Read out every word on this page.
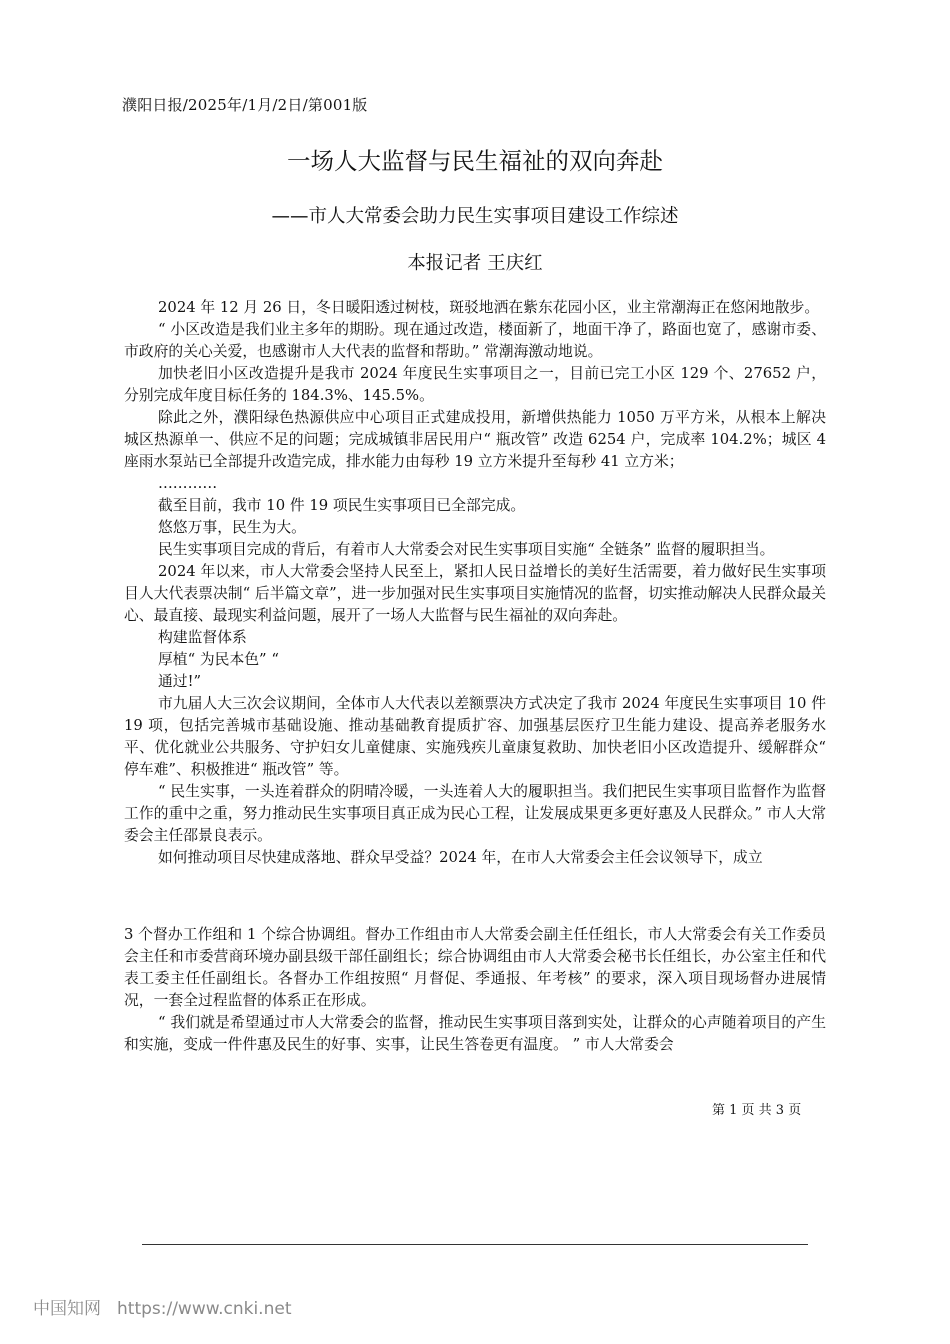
濮阳日报/2025年/1月/2日/第001版
一场人大监督与民生福祉的双向奔赴
——市人大常委会助力民生实事项目建设工作综述
本报记者 王庆红

2024 年 12 月 26 日，冬日暖阳透过树枝，斑驳地洒在紫东花园小区，业主常潮海正在悠闲地散步。

“ 小区改造是我们业主多年的期盼。现在通过改造，楼面新了，地面干净了，路面也宽了，感谢市委、市政府的关心关爱，也感谢市人大代表的监督和帮助。” 常潮海激动地说。

加快老旧小区改造提升是我市 2024 年度民生实事项目之一，目前已完工小区 129 个、27652 户，分别完成年度目标任务的 184.3%、145.5%。

除此之外，濮阳绿色热源供应中心项目正式建成投用，新增供热能力 1050 万平方米，从根本上解决城区热源单一、供应不足的问题；完成城镇非居民用户“ 瓶改管” 改造 6254 户，完成率 104.2%；城区 4 座雨水泵站已全部提升改造完成，排水能力由每秒 19 立方米提升至每秒 41 立方米；

…………

截至目前，我市 10 件 19 项民生实事项目已全部完成。

悠悠万事，民生为大。

民生实事项目完成的背后，有着市人大常委会对民生实事项目实施“ 全链条” 监督的履职担当。

2024 年以来，市人大常委会坚持人民至上，紧扣人民日益增长的美好生活需要，着力做好民生实事项目人大代表票决制“ 后半篇文章”，进一步加强对民生实事项目实施情况的监督，切实推动解决人民群众最关心、最直接、最现实利益问题，展开了一场人大监督与民生福祉的双向奔赴。

构建监督体系

厚植“ 为民本色” “

通过!”

市九届人大三次会议期间，全体市人大代表以差额票决方式决定了我市 2024 年度民生实事项目 10 件 19 项，包括完善城市基础设施、推动基础教育提质扩容、加强基层医疗卫生能力建设、提高养老服务水平、优化就业公共服务、守护妇女儿童健康、实施残疾儿童康复救助、加快老旧小区改造提升、缓解群众“ 停车难”、积极推进“ 瓶改管” 等。

“ 民生实事，一头连着群众的阴晴冷暖，一头连着人大的履职担当。我们把民生实事项目监督作为监督工作的重中之重，努力推动民生实事项目真正成为民心工程，让发展成果更多更好惠及人民群众。” 市人大常委会主任邵景良表示。

如何推动项目尽快建成落地、群众早受益？2024 年，在市人大常委会主任会议领导下，成立

3 个督办工作组和 1 个综合协调组。督办工作组由市人大常委会副主任任组长，市人大常委会有关工作委员会主任和市委营商环境办副县级干部任副组长；综合协调组由市人大常委会秘书长任组长，办公室主任和代表工委主任任副组长。各督办工作组按照“ 月督促、季通报、年考核” 的要求，深入项目现场督办进展情况，一套全过程监督的体系正在形成。

“ 我们就是希望通过市人大常委会的监督，推动民生实事项目落到实处，让群众的心声随着项目的产生和实施，变成一件件惠及民生的好事、实事，让民生答卷更有温度。 ” 市人大常委会

第 1 页 共 3 页
中国知网 https://www.cnki.net
